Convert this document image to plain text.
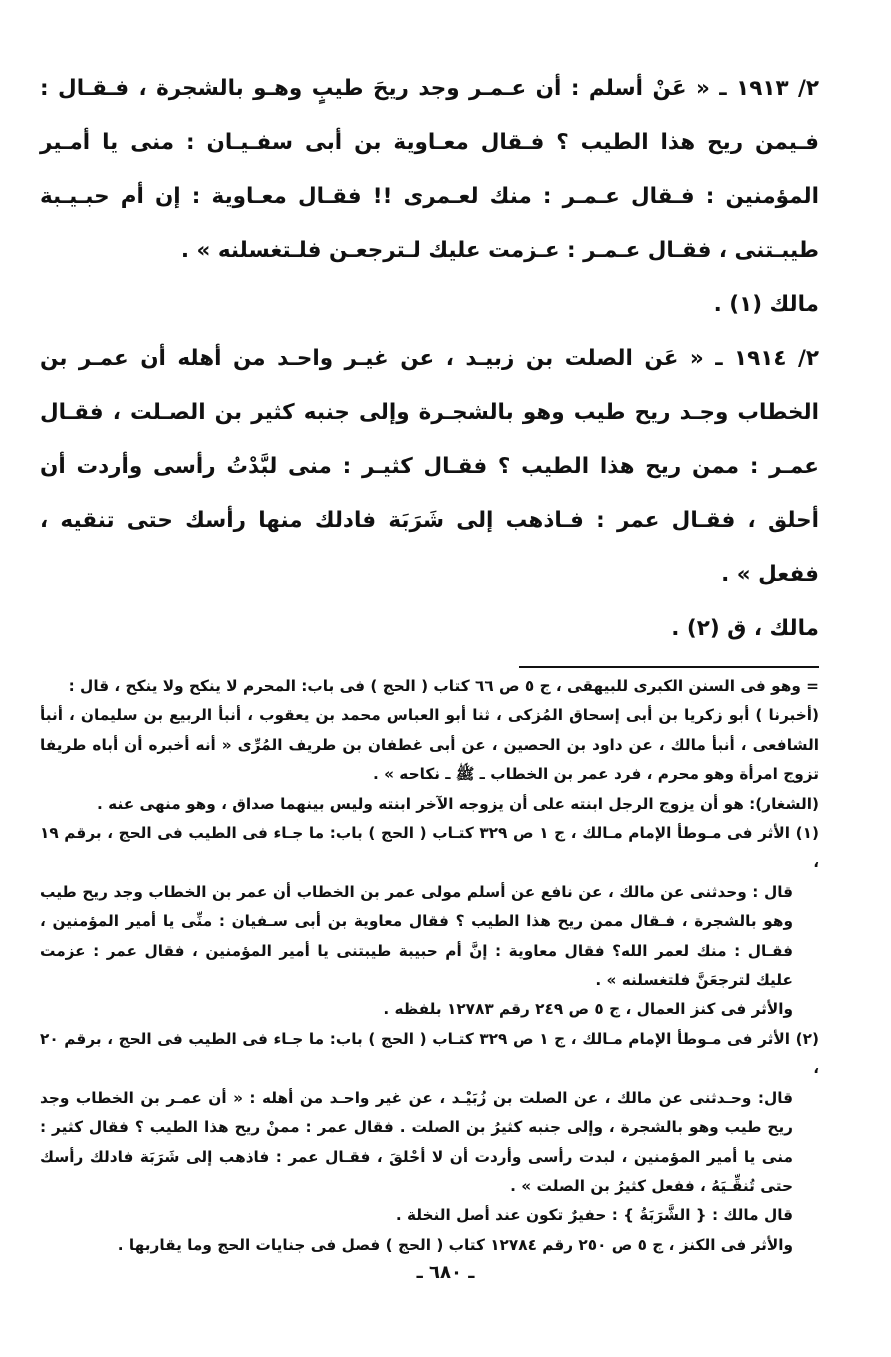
٢/ ١٩١٣ ـ « عَنْ أسلم : أن عـمـر وجد ريحَ طيبٍ وهـو بالشجرة ، فـقـال : فـيمن ريح هذا الطيب ؟ فـقال معـاوية بن أبى سفـيـان : منى يا أمـير المؤمنين : فـقال عـمـر : منك لعـمرى !! فقـال معـاوية : إن أم حبـيـبة طيبـتنى ، فقـال عـمـر : عـزمت عليك لـترجعـن فلـتغسلنه » .

مالك (١) .

٢/ ١٩١٤ ـ « عَن الصلت بن زبيـد ، عن غيـر واحـد من أهله أن عمـر بن الخطاب وجـد ريح طيب وهو بالشجـرة وإلى جنبه كثير بن الصـلت ، فقـال عمـر : ممن ريح هذا الطيب ؟ فقـال كثيـر : منى لبَّدْتُ رأسى وأردت أن أحلق ، فقـال عمر : فـاذهب إلى شَرَبَة فادلك منها رأسك حتى تنقيه ، ففعل » .

مالك ، ق (٢) .

= وهو فى السنن الكبرى للبيهقى ، ج ٥ ص ٦٦ كتاب ( الحج ) فى باب: المحرم لا ينكح ولا ينكح ، قال :

(أخبرنا ) أبو زكريا بن أبى إسحاق المُزكى ، ثنا أبو العباس محمد بن يعقوب ، أنبأ الربيع بن سليمان ، أنبأ الشافعى ، أنبأ مالك ، عن داود بن الحصين ، عن أبى غطفان بن طريف المُرِّى « أنه أخبره أن أباه طريفا تزوج امرأة وهو محرم ، فرد عمر بن الخطاب ـ ﷺ ـ نكاحه » .

(الشغار): هو أن يزوج الرجل ابنته على أن يزوجه الآخر ابنته وليس بينهما صداق ، وهو منهى عنه .

(١) الأثر فى مـوطأ الإمام مـالك ، ج ١ ص ٣٢٩ كتـاب ( الحج ) باب: ما جـاء فى الطيب فى الحج ، برقم ١٩ ،

قال : وحدثنى عن مالك ، عن نافع عن أسلم مولى عمر بن الخطاب أن عمر بن الخطاب وجد ريح طيب وهو بالشجرة ، فـقال ممن ريح هذا الطيب ؟ فقال معاوية بن أبى سـفيان : منِّى يا أمير المؤمنين ، فقـال : منك لعمر الله؟ فقال معاوية : إنَّ أم حبيبة طيبتنى يا أمير المؤمنين ، فقال عمر : عزمت عليك لترجعَنَّ فلتغسلنه » .

والأثر فى كنز العمال ، ج ٥ ص ٢٤٩ رقم ١٢٧٨٣ بلفظه .

(٢) الأثر فى مـوطأ الإمام مـالك ، ج ١ ص ٣٢٩ كتـاب ( الحج ) باب: ما جـاء فى الطيب فى الحج ، برقم ٢٠ ،

قال: وحـدثنى عن مالك ، عن الصلت بن زُبَيْـد ، عن غير واحـد من أهله : « أن عمـر بن الخطاب وجد ريح طيب وهو بالشجرة ، وإلى جنبه كثيرُ بن الصلت . فقال عمر : ممنْ ريح هذا الطيب ؟ فقال كثير : منى يا أمير المؤمنين ، لبدت رأسى وأردت أن لا أحْلقَ ، فقـال عمر : فاذهب إلى شَرَبَة فادلك رأسك حتى تُنقِّـيَهُ ، ففعل كثيرُ بن الصلت » .

قال مالك : { الشَّرَبَةُ } : حفيرٌ تكون عند أصل النخلة .

والأثر فى الكنز ، ج ٥ ص ٢٥٠ رقم ١٢٧٨٤ كتاب ( الحج ) فصل فى جنايات الحج وما يقاربها .

ـ ٦٨٠ ـ
